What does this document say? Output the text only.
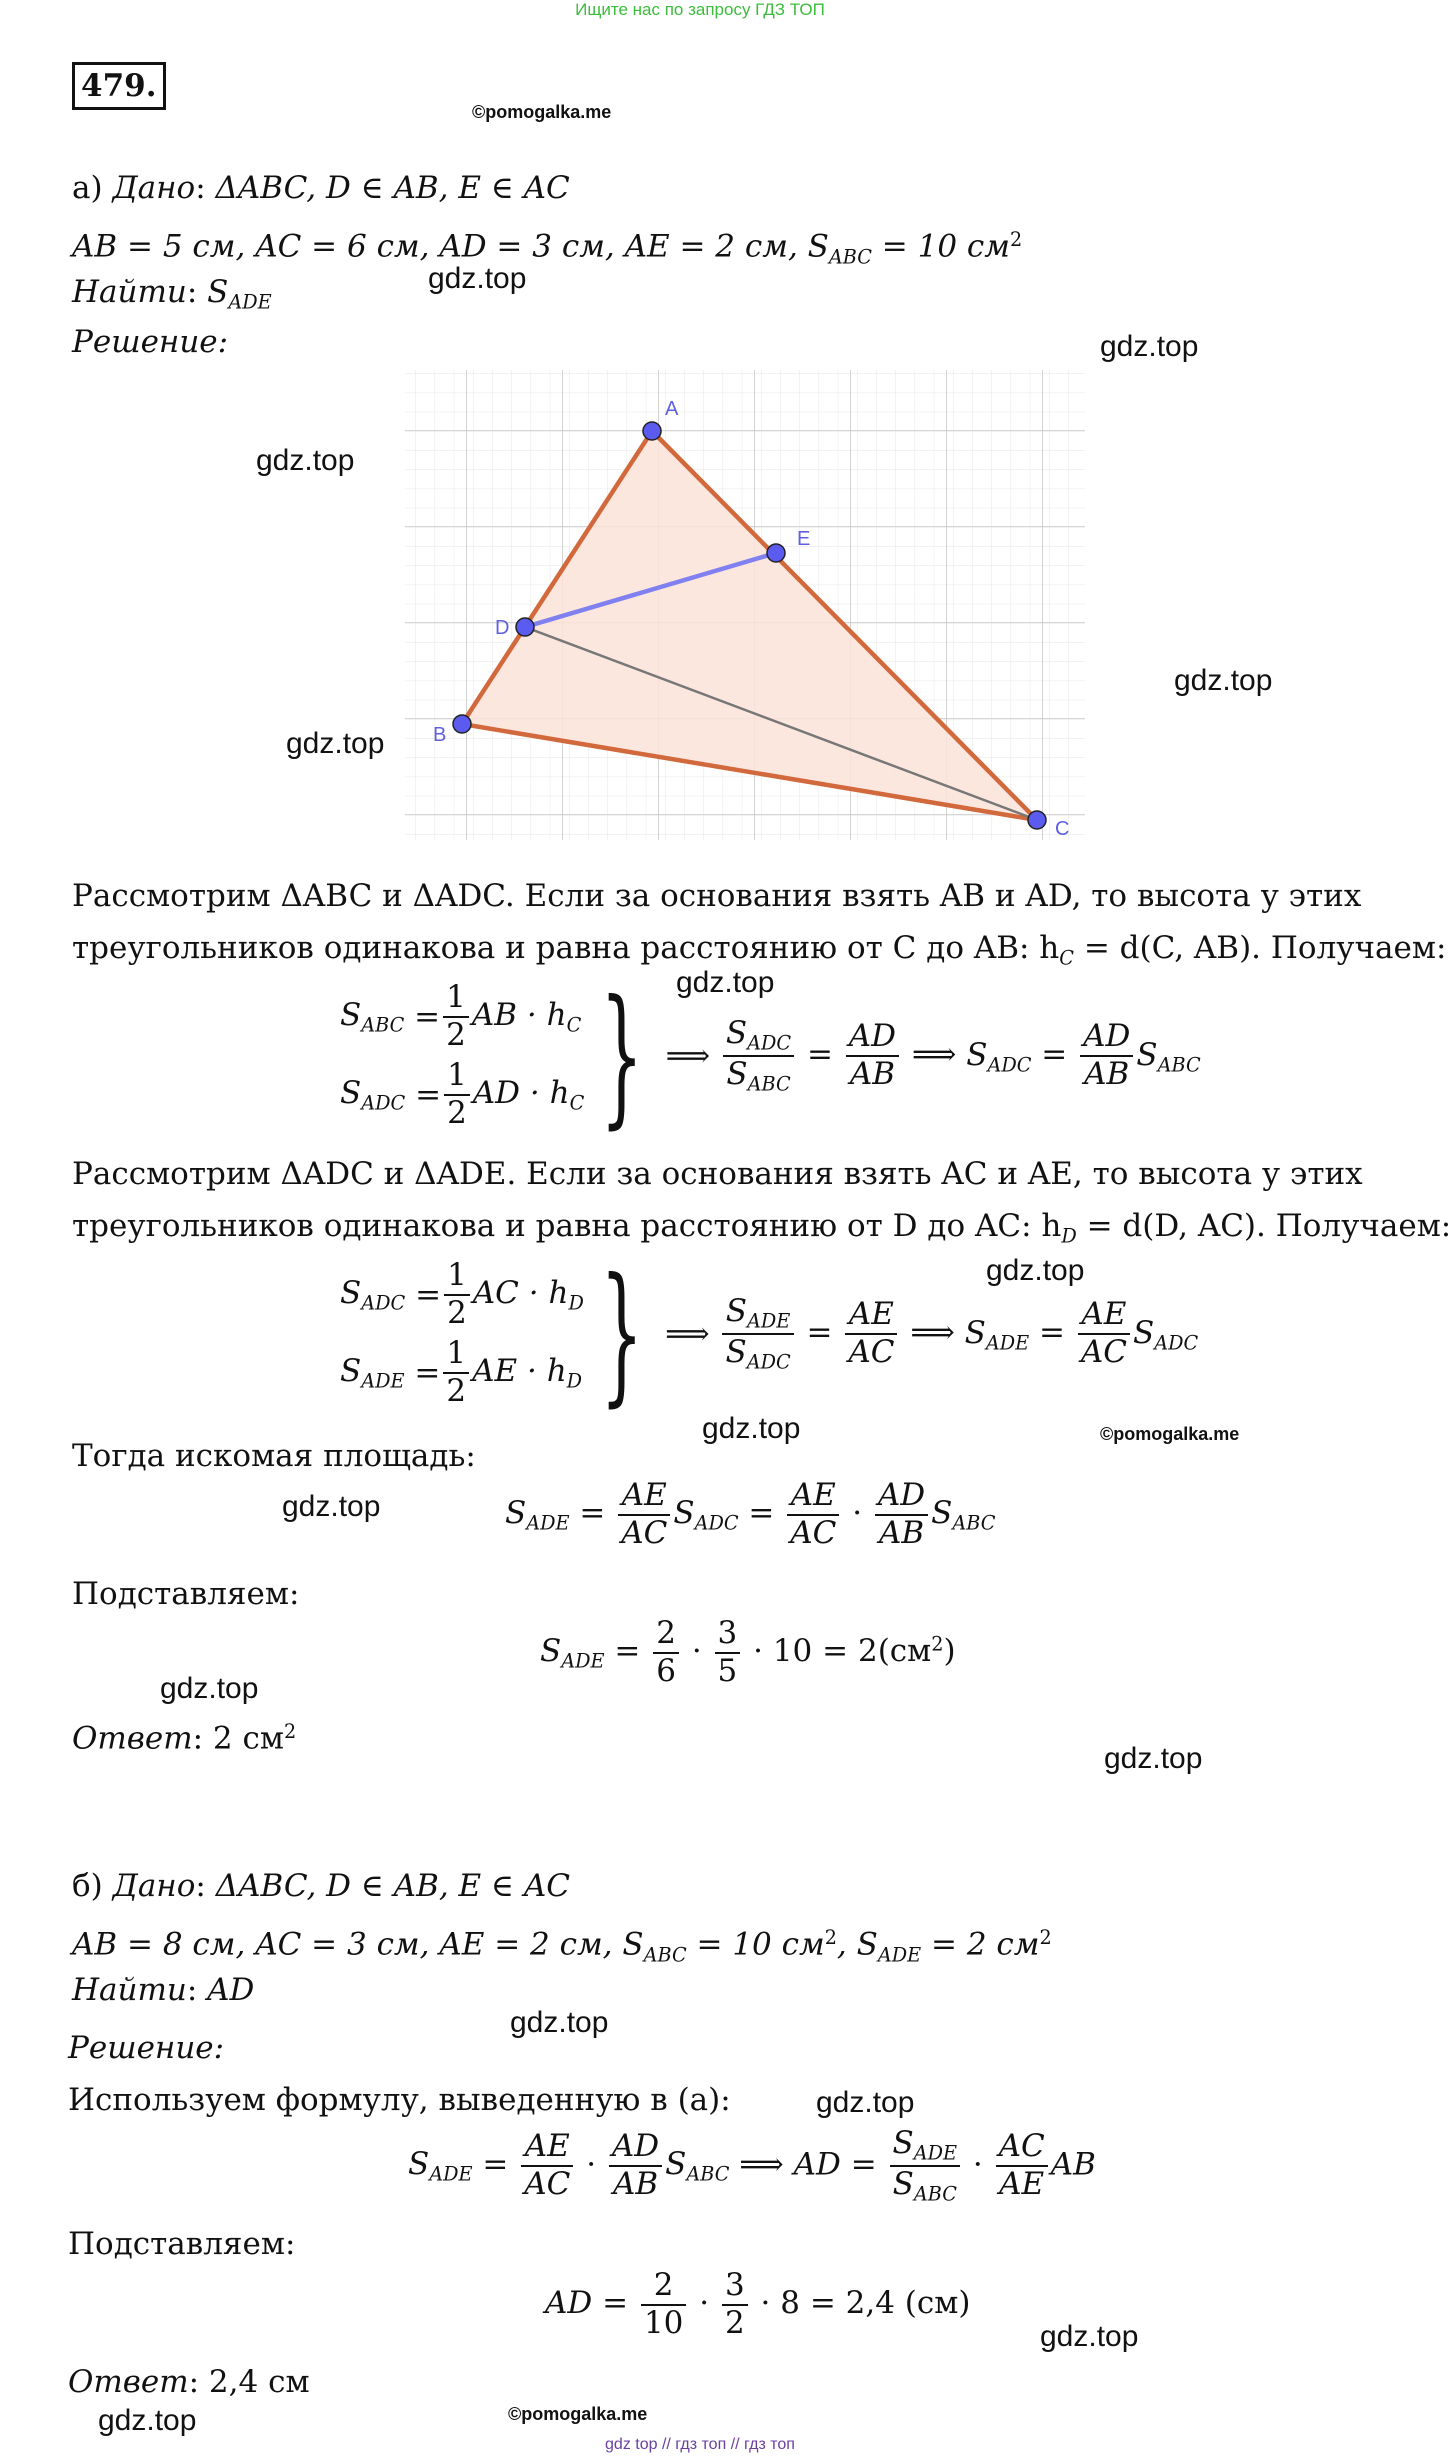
Ищите нас по запросу ГДЗ ТОП
479.
©pomogalka.me
gdz.top
gdz.top
gdz.top
gdz.top
gdz.top
gdz.top
gdz.top
gdz.top	©pomogalka.me
gdz.top
gdz.top
gdz.top
gdz.top
gdz.top
gdz.top
gdz.top	©pomogalka.me
а) Дано: ΔABC, D ∈ AB, E ∈ AC
AB = 5 см, AC = 6 см, AD = 3 см, AE = 2 см, $S_{ABC} = 10$ $см^2$
Найти: $S_{ADE}$
Решение:
A
B
C
D
E
Рассмотрим ΔABC и ΔADC. Если за основания взять AB и AD, то высота у этих
треугольников одинакова и равна расстоянию от C до AB: $h_C = d(C$, AB). Получаем:
$S_{ABC} = \frac{1}{2}$ AB · $h_C$
$S_{ADC} = \frac{1}{2}$ AD · $h_C$ } ⟹ $\frac{S_{ADC}}{S_{ABC}} = \frac{AD}{AB}$ ⟹ $S_{ADC} = \frac{AD}{AB} S_{ABC}$
Рассмотрим ΔADC и ΔADE. Если за основания взять AC и AE, то высота у этих
треугольников одинакова и равна расстоянию от D до AC: $h_D = d(D$, AC). Получаем:
$S_{ADC} = \frac{1}{2}$ AC · $h_D$
$S_{ADE} = \frac{1}{2}$ AE · $h_D$ } ⟹ $\frac{S_{ADE}}{S_{ADC}} = \frac{AE}{AC}$ ⟹ $S_{ADE} = \frac{AE}{AC} S_{ADC}$
Тогда искомая площадь:
$S_{ADE} = \frac{AE}{AC} S_{ADC} = \frac{AE}{AC} \cdot \frac{AD}{AB} S_{ABC}$
Подставляем:
$S_{ADE} = \frac{2}{6} \cdot \frac{3}{5} \cdot 10 = 2(см^2)$
Ответ: 2 $см^2$
б) Дано: ΔABC, D ∈ AB, E ∈ AC
AB = 8 см, AC = 3 см, AE = 2 см, $S_{ABC} = 10$ $см^2$, $S_{ADE} = 2$ $см^2$
Найти: AD
Решение:
Используем формулу, выведенную в (а):
$S_{ADE} = \frac{AE}{AC} \cdot \frac{AD}{AB} S_{ABC}$ ⟹ AD = $\frac{S_{ADE}}{S_{ABC}} \cdot \frac{AC}{AE}$ AB
Подставляем:
AD = $\frac{2}{10} \cdot \frac{3}{2} \cdot 8 = 2,4$ (см)
Ответ: 2,4 см
gdz top // гдз топ // гдз топ
